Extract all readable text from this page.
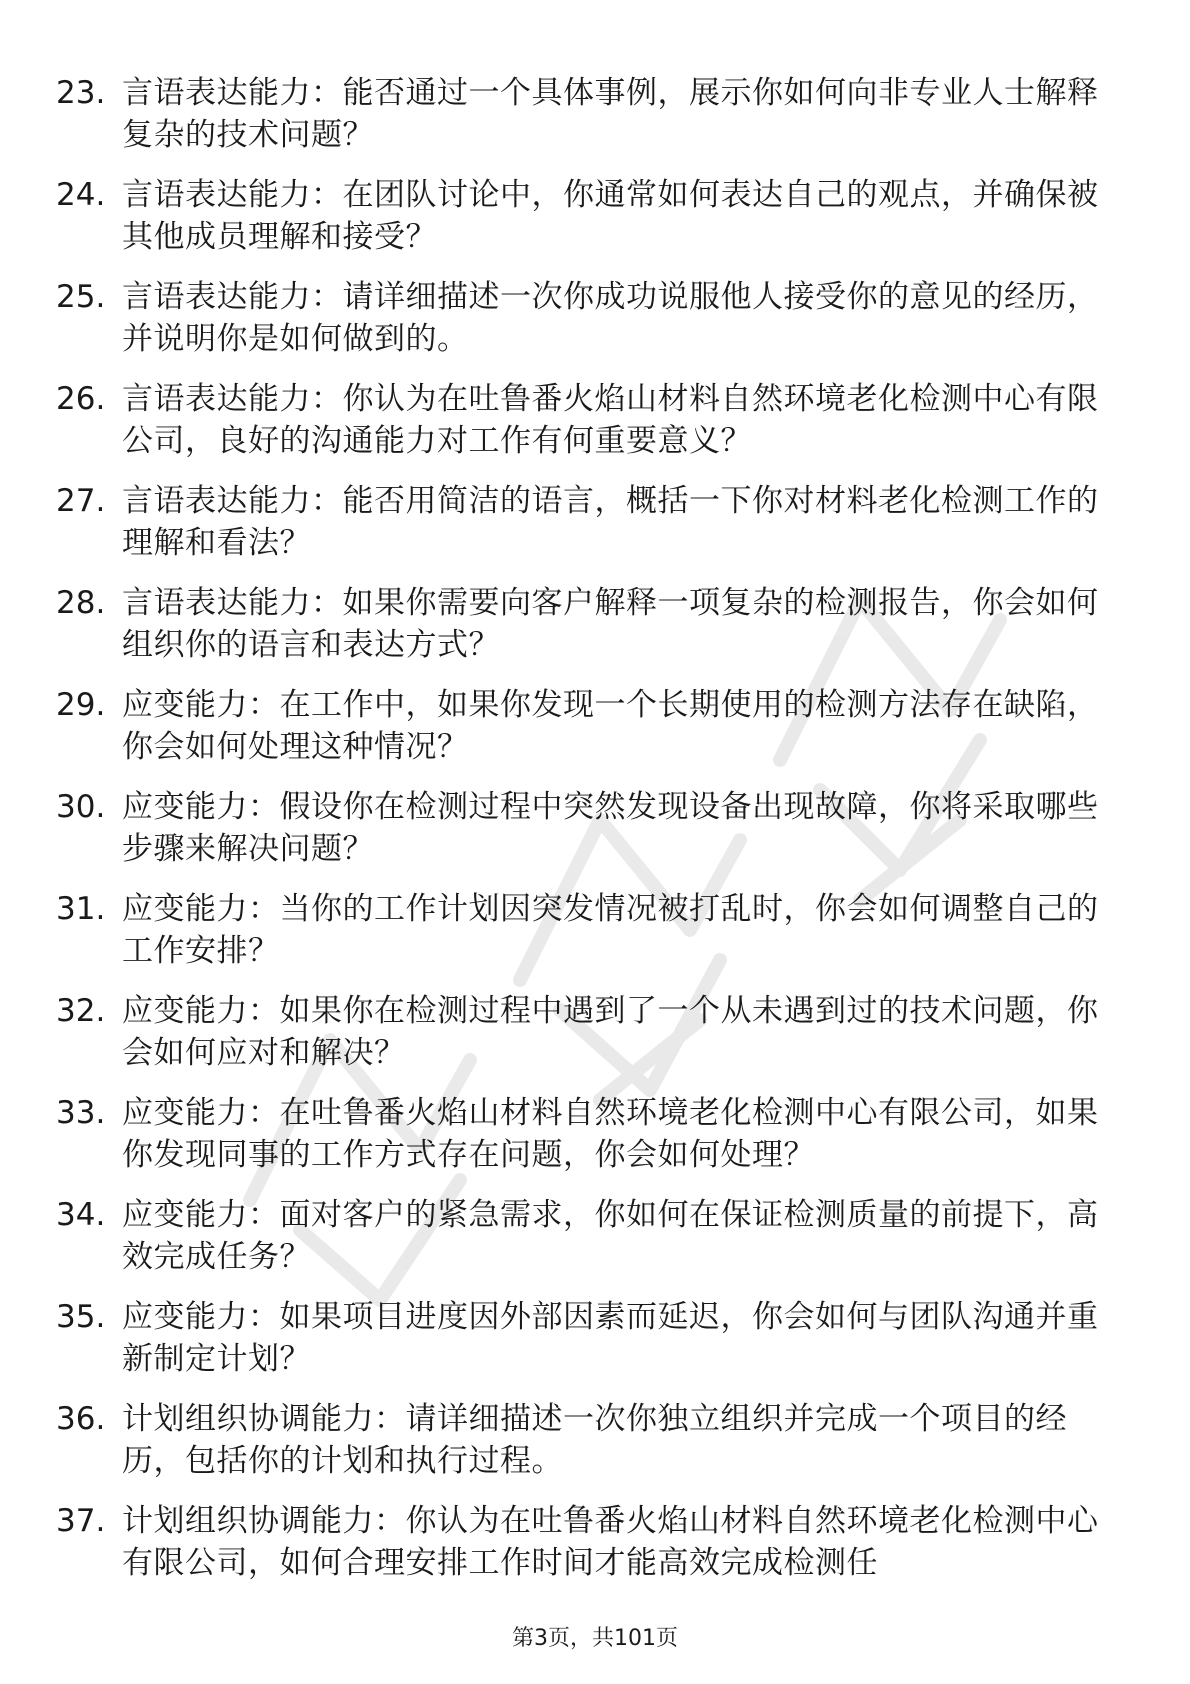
23. 言语表达能力：能否通过一个具体事例，展示你如何向非专业人士解释复杂的技术问题？
24. 言语表达能力：在团队讨论中，你通常如何表达自己的观点，并确保被其他成员理解和接受？
25. 言语表达能力：请详细描述一次你成功说服他人接受你的意见的经历，并说明你是如何做到的。
26. 言语表达能力：你认为在吐鲁番火焰山材料自然环境老化检测中心有限公司，良好的沟通能力对工作有何重要意义？
27. 言语表达能力：能否用简洁的语言，概括一下你对材料老化检测工作的理解和看法？
28. 言语表达能力：如果你需要向客户解释一项复杂的检测报告，你会如何组织你的语言和表达方式？
29. 应变能力：在工作中，如果你发现一个长期使用的检测方法存在缺陷，你会如何处理这种情况？
30. 应变能力：假设你在检测过程中突然发现设备出现故障，你将采取哪些步骤来解决问题？
31. 应变能力：当你的工作计划因突发情况被打乱时，你会如何调整自己的工作安排？
32. 应变能力：如果你在检测过程中遇到了一个从未遇到过的技术问题，你会如何应对和解决？
33. 应变能力：在吐鲁番火焰山材料自然环境老化检测中心有限公司，如果你发现同事的工作方式存在问题，你会如何处理？
34. 应变能力：面对客户的紧急需求，你如何在保证检测质量的前提下，高效完成任务？
35. 应变能力：如果项目进度因外部因素而延迟，你会如何与团队沟通并重新制定计划？
36. 计划组织协调能力：请详细描述一次你独立组织并完成一个项目的经历，包括你的计划和执行过程。
37. 计划组织协调能力：你认为在吐鲁番火焰山材料自然环境老化检测中心有限公司，如何合理安排工作时间才能高效完成检测任
第3页，共101页
